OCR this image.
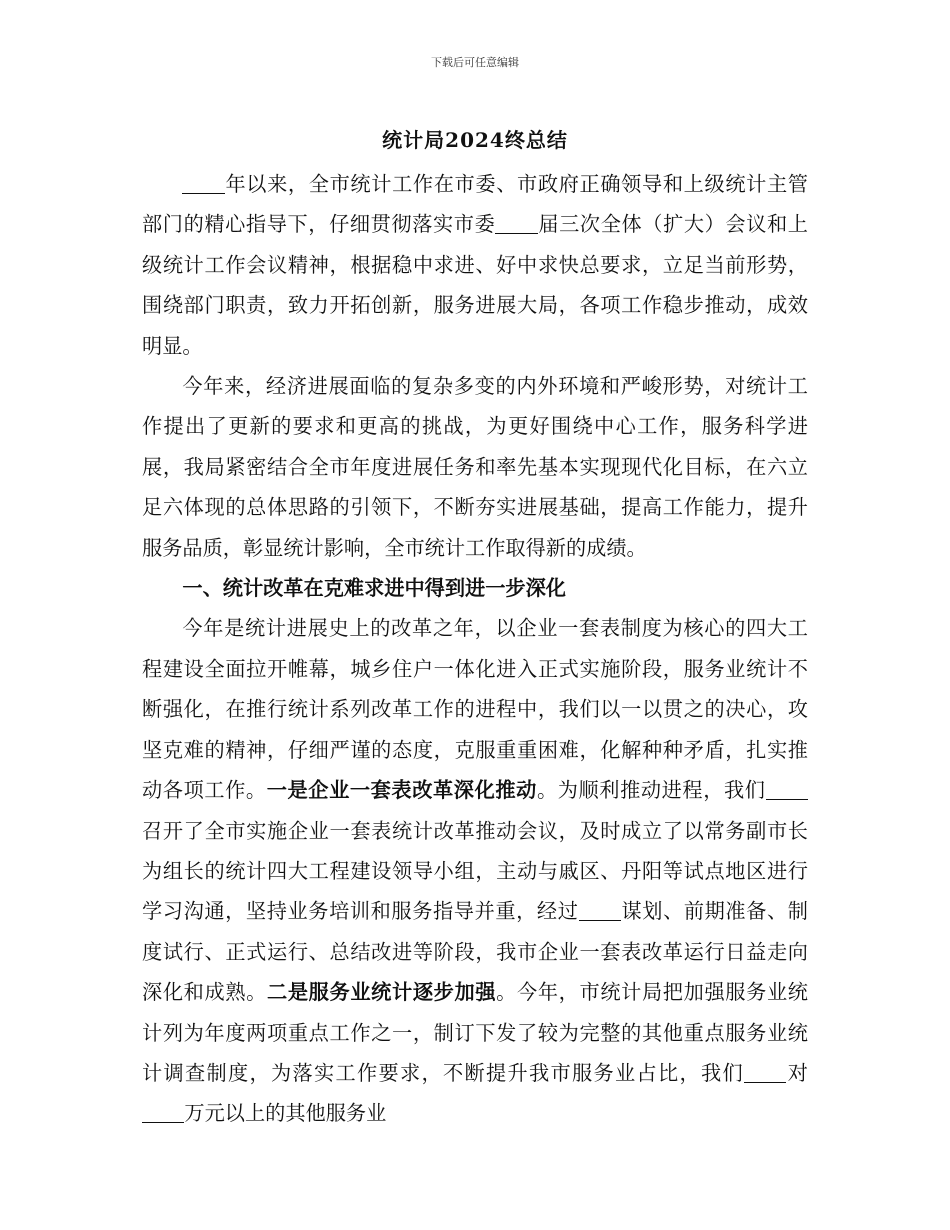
下载后可任意编辑
统计局2024终总结

年以来，全市统计工作在市委、市政府正确领导和上级统计主管部门的精心指导下，仔细贯彻落实市委 届三次全体（扩大）会议和上级统计工作会议精神，根据稳中求进、好中求快总要求，立足当前形势，围绕部门职责，致力开拓创新，服务进展大局，各项工作稳步推动，成效明显。

今年来，经济进展面临的复杂多变的内外环境和严峻形势，对统计工作提出了更新的要求和更高的挑战，为更好围绕中心工作，服务科学进展，我局紧密结合全市年度进展任务和率先基本实现现代化目标，在六立足六体现的总体思路的引领下，不断夯实进展基础，提高工作能力，提升服务品质，彰显统计影响，全市统计工作取得新的成绩。

一、统计改革在克难求进中得到进一步深化

今年是统计进展史上的改革之年，以企业一套表制度为核心的四大工程建设全面拉开帷幕，城乡住户一体化进入正式实施阶段，服务业统计不断强化，在推行统计系列改革工作的进程中，我们以一以贯之的决心，攻坚克难的精神，仔细严谨的态度，克服重重困难，化解种种矛盾，扎实推动各项工作。一是企业一套表改革深化推动。为顺利推动进程，我们召开了全市实施企业一套表统计改革推动会议，及时成立了以常务副市长为组长的统计四大工程建设领导小组，主动与戚区、丹阳等试点地区进行学习沟通，坚持业务培训和服务指导并重，经过 谋划、前期准备、制度试行、正式运行、总结改进等阶段，我市企业一套表改革运行日益走向深化和成熟。二是服务业统计逐步加强。今年，市统计局把加强服务业统计列为年度两项重点工作之一，制订下发了较为完整的其他重点服务业统计调查制度，为落实工作要求，不断提升我市服务业占比，我们 对万元以上的其他服务业
